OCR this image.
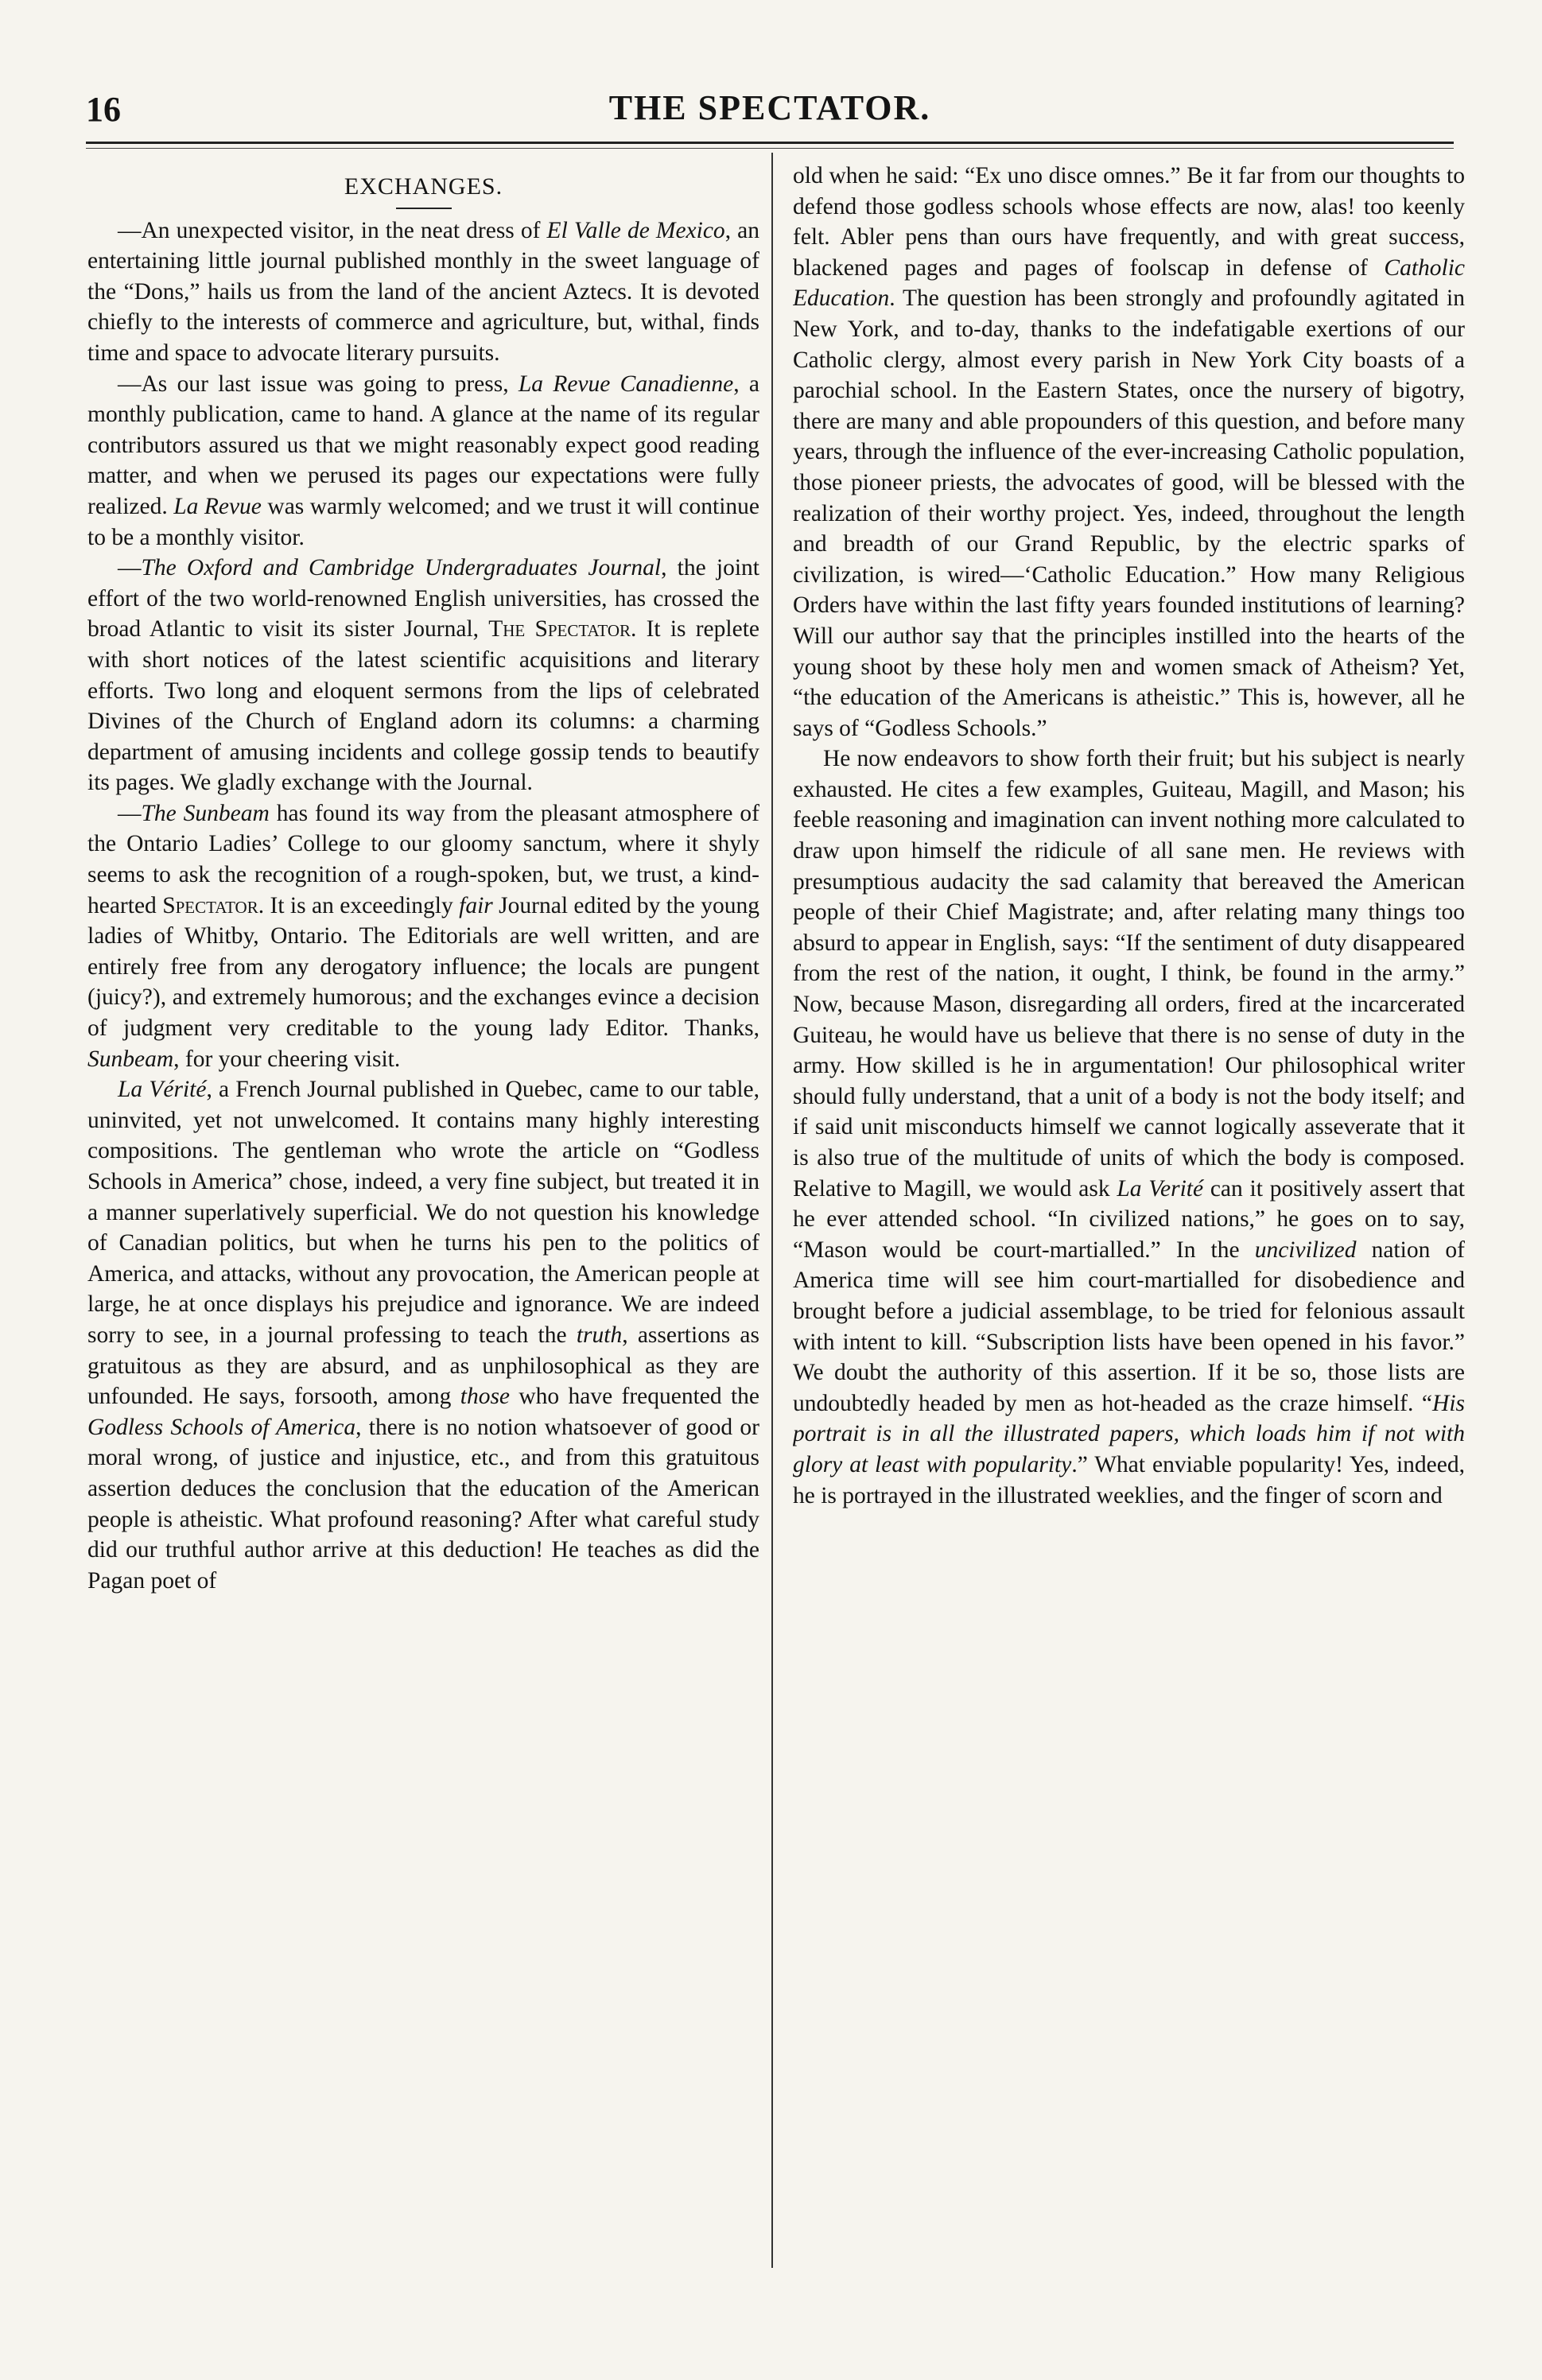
16	THE SPECTATOR.
EXCHANGES.

—An unexpected visitor, in the neat dress of El Valle de Mexico, an entertaining little journal published monthly in the sweet language of the “Dons,” hails us from the land of the ancient Aztecs. It is devoted chiefly to the interests of commerce and agriculture, but, withal, finds time and space to advocate literary pursuits.

—As our last issue was going to press, La Revue Canadienne, a monthly publication, came to hand. A glance at the name of its regular contributors assured us that we might reasonably expect good reading matter, and when we perused its pages our expectations were fully realized. La Revue was warmly welcomed; and we trust it will continue to be a monthly visitor.

—The Oxford and Cambridge Undergraduates Journal, the joint effort of the two world-renowned English universities, has crossed the broad Atlantic to visit its sister Journal, The Spectator. It is replete with short notices of the latest scientific acquisitions and literary efforts. Two long and eloquent sermons from the lips of celebrated Divines of the Church of England adorn its columns: a charming department of amusing incidents and college gossip tends to beautify its pages. We gladly exchange with the Journal.

—The Sunbeam has found its way from the pleasant atmosphere of the Ontario Ladies’ College to our gloomy sanctum, where it shyly seems to ask the recognition of a rough-spoken, but, we trust, a kind-hearted Spectator. It is an exceedingly fair Journal edited by the young ladies of Whitby, Ontario. The Editorials are well written, and are entirely free from any derogatory influence; the locals are pungent (juicy?), and extremely humorous; and the exchanges evince a decision of judgment very creditable to the young lady Editor. Thanks, Sunbeam, for your cheering visit.

La Vérité, a French Journal published in Quebec, came to our table, uninvited, yet not unwelcomed. It contains many highly interesting compositions. The gentleman who wrote the article on “Godless Schools in America” chose, indeed, a very fine subject, but treated it in a manner superlatively superficial. We do not question his knowledge of Canadian politics, but when he turns his pen to the politics of America, and attacks, without any provocation, the American people at large, he at once displays his prejudice and ignorance. We are indeed sorry to see, in a journal professing to teach the truth, assertions as gratuitous as they are absurd, and as unphilosophical as they are unfounded. He says, forsooth, among those who have frequented the Godless Schools of America, there is no notion whatsoever of good or moral wrong, of justice and injustice, etc., and from this gratuitous assertion deduces the conclusion that the education of the American people is atheistic. What profound reasoning? After what careful study did our truthful author arrive at this deduction! He teaches as did the Pagan poet of

old when he said: “Ex uno disce omnes.” Be it far from our thoughts to defend those godless schools whose effects are now, alas! too keenly felt. Abler pens than ours have frequently, and with great success, blackened pages and pages of foolscap in defense of Catholic Education. The question has been strongly and profoundly agitated in New York, and to-day, thanks to the indefatigable exertions of our Catholic clergy, almost every parish in New York City boasts of a parochial school. In the Eastern States, once the nursery of bigotry, there are many and able propounders of this question, and before many years, through the influence of the ever-increasing Catholic population, those pioneer priests, the advocates of good, will be blessed with the realization of their worthy project. Yes, indeed, throughout the length and breadth of our Grand Republic, by the electric sparks of civilization, is wired—‘Catholic Education.” How many Religious Orders have within the last fifty years founded institutions of learning? Will our author say that the principles instilled into the hearts of the young shoot by these holy men and women smack of Atheism? Yet, “the education of the Americans is atheistic.” This is, however, all he says of “Godless Schools.”

He now endeavors to show forth their fruit; but his subject is nearly exhausted. He cites a few examples, Guiteau, Magill, and Mason; his feeble reasoning and imagination can invent nothing more calculated to draw upon himself the ridicule of all sane men. He reviews with presumptious audacity the sad calamity that bereaved the American people of their Chief Magistrate; and, after relating many things too absurd to appear in English, says: “If the sentiment of duty disappeared from the rest of the nation, it ought, I think, be found in the army.” Now, because Mason, disregarding all orders, fired at the incarcerated Guiteau, he would have us believe that there is no sense of duty in the army. How skilled is he in argumentation! Our philosophical writer should fully understand, that a unit of a body is not the body itself; and if said unit misconducts himself we cannot logically asseverate that it is also true of the multitude of units of which the body is composed. Relative to Magill, we would ask La Verité can it positively assert that he ever attended school. “In civilized nations,” he goes on to say, “Mason would be court-martialled.” In the uncivilized nation of America time will see him court-martialled for disobedience and brought before a judicial assemblage, to be tried for felonious assault with intent to kill. “Subscription lists have been opened in his favor.” We doubt the authority of this assertion. If it be so, those lists are undoubtedly headed by men as hot-headed as the craze himself. “His portrait is in all the illustrated papers, which loads him if not with glory at least with popularity.” What enviable popularity! Yes, indeed, he is portrayed in the illustrated weeklies, and the finger of scorn and
